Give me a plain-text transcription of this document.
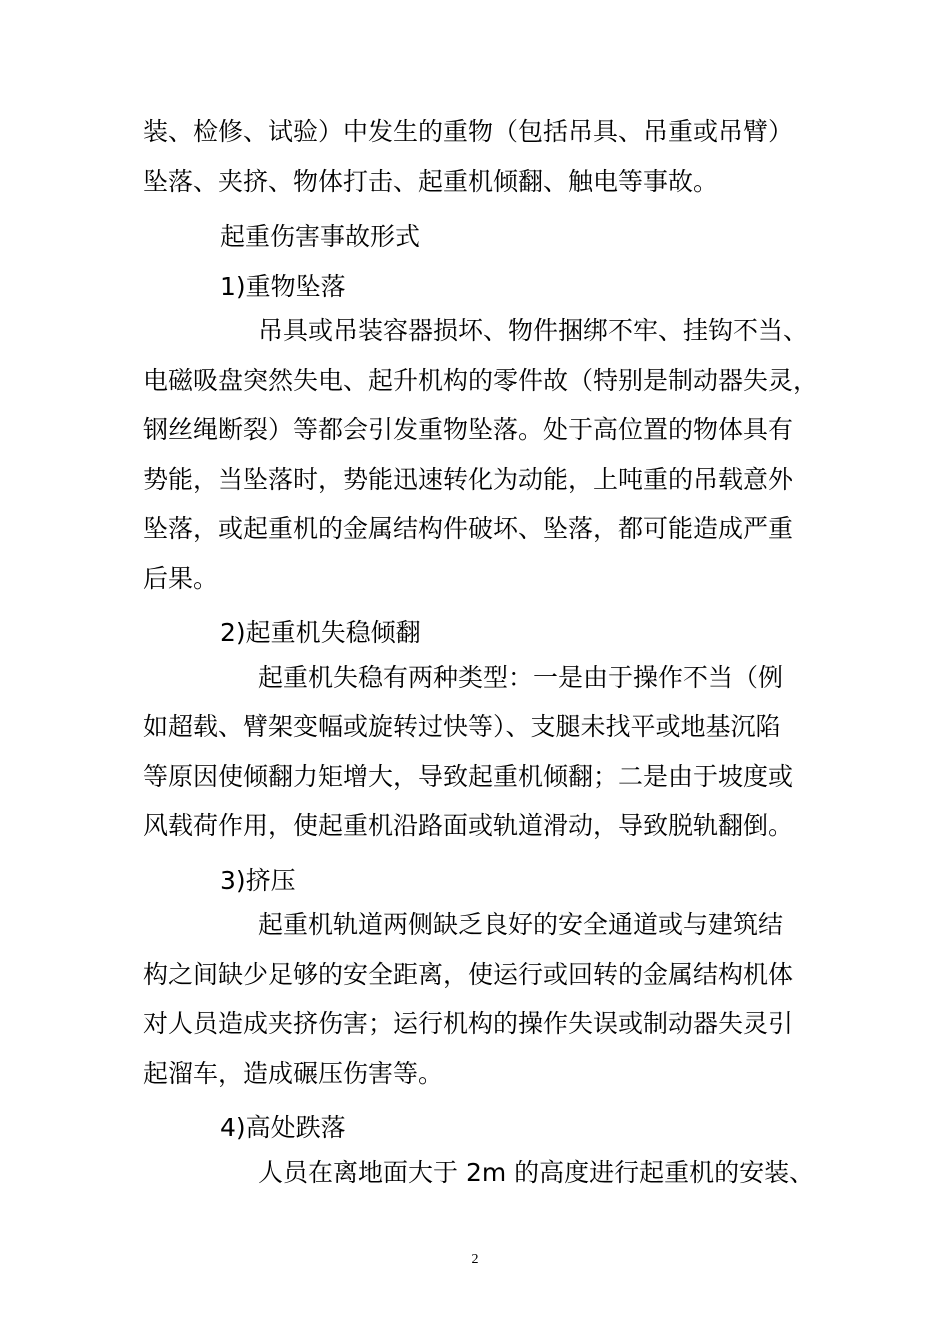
装、检修、试验）中发生的重物（包括吊具、吊重或吊臂）
坠落、夹挤、物体打击、起重机倾翻、触电等事故。
起重伤害事故形式
1)重物坠落
吊具或吊装容器损坏、物件捆绑不牢、挂钩不当、
电磁吸盘突然失电、起升机构的零件故（特别是制动器失灵，
钢丝绳断裂）等都会引发重物坠落。处于高位置的物体具有
势能，当坠落时，势能迅速转化为动能，上吨重的吊载意外
坠落，或起重机的金属结构件破坏、坠落，都可能造成严重
后果。
2)起重机失稳倾翻
起重机失稳有两种类型：一是由于操作不当（例
如超载、臂架变幅或旋转过快等）、支腿未找平或地基沉陷
等原因使倾翻力矩增大，导致起重机倾翻；二是由于坡度或
风载荷作用，使起重机沿路面或轨道滑动，导致脱轨翻倒。
3)挤压
起重机轨道两侧缺乏良好的安全通道或与建筑结
构之间缺少足够的安全距离，使运行或回转的金属结构机体
对人员造成夹挤伤害；运行机构的操作失误或制动器失灵引
起溜车，造成碾压伤害等。
4)高处跌落
人员在离地面大于 2m 的高度进行起重机的安装、
2
